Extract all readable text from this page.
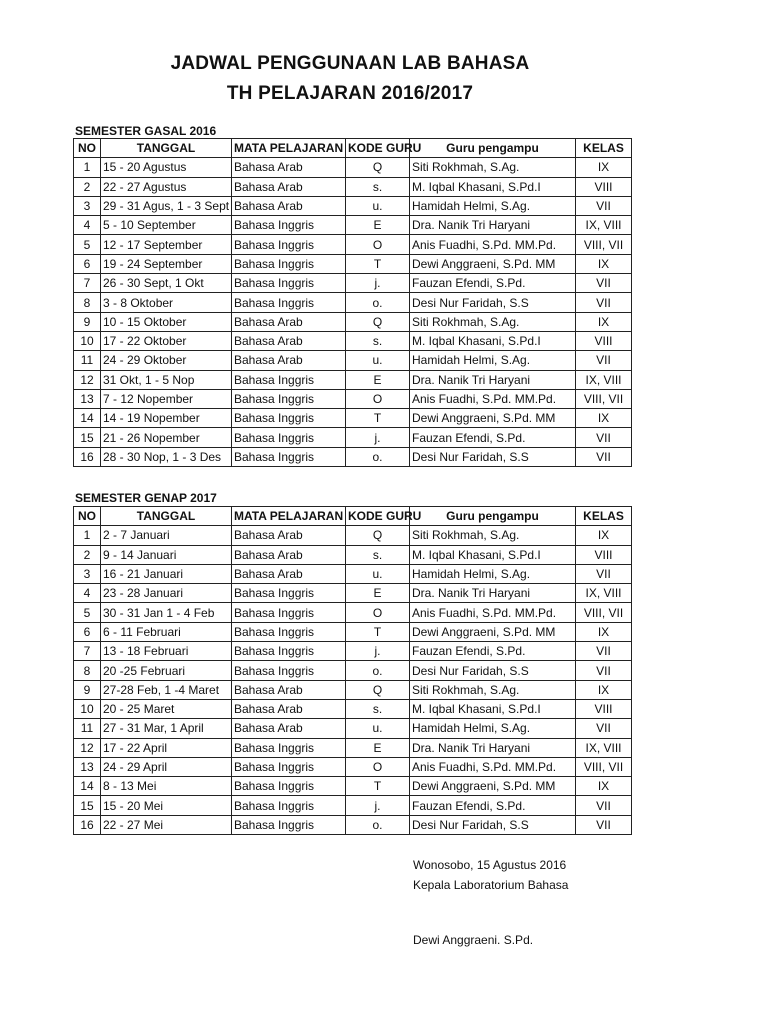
JADWAL PENGGUNAAN LAB BAHASA
TH PELAJARAN 2016/2017
SEMESTER GASAL 2016
NO	TANGGAL	MATA PELAJARAN	KODE GURU	Guru pengampu	KELAS
1	15 - 20 Agustus	Bahasa Arab	Q	Siti Rokhmah, S.Ag.	IX
2	22 - 27 Agustus	Bahasa Arab	s.	M. Iqbal Khasani, S.Pd.I	VIII
3	29 - 31 Agus, 1 - 3 Sept	Bahasa Arab	u.	Hamidah Helmi, S.Ag.	VII
4	5 - 10 September	Bahasa Inggris	E	Dra. Nanik Tri Haryani	IX, VIII
5	12 - 17 September	Bahasa Inggris	O	Anis Fuadhi, S.Pd. MM.Pd.	VIII, VII
6	19 - 24 September	Bahasa Inggris	T	Dewi Anggraeni, S.Pd. MM	IX
7	26 - 30 Sept, 1 Okt	Bahasa Inggris	j.	Fauzan Efendi, S.Pd.	VII
8	3 - 8 Oktober	Bahasa Inggris	o.	Desi Nur Faridah, S.S	VII
9	10 - 15 Oktober	Bahasa Arab	Q	Siti Rokhmah, S.Ag.	IX
10	17 - 22 Oktober	Bahasa Arab	s.	M. Iqbal Khasani, S.Pd.I	VIII
11	24 - 29 Oktober	Bahasa Arab	u.	Hamidah Helmi, S.Ag.	VII
12	31 Okt, 1 - 5 Nop	Bahasa Inggris	E	Dra. Nanik Tri Haryani	IX, VIII
13	7 - 12 Nopember	Bahasa Inggris	O	Anis Fuadhi, S.Pd. MM.Pd.	VIII, VII
14	14 - 19 Nopember	Bahasa Inggris	T	Dewi Anggraeni, S.Pd. MM	IX
15	21 - 26 Nopember	Bahasa Inggris	j.	Fauzan Efendi, S.Pd.	VII
16	28 - 30 Nop, 1 - 3 Des	Bahasa Inggris	o.	Desi Nur Faridah, S.S	VII
SEMESTER GENAP 2017
NO	TANGGAL	MATA PELAJARAN	KODE GURU	Guru pengampu	KELAS
1	2 - 7 Januari	Bahasa Arab	Q	Siti Rokhmah, S.Ag.	IX
2	9 - 14 Januari	Bahasa Arab	s.	M. Iqbal Khasani, S.Pd.I	VIII
3	16 - 21 Januari	Bahasa Arab	u.	Hamidah Helmi, S.Ag.	VII
4	23 - 28 Januari	Bahasa Inggris	E	Dra. Nanik Tri Haryani	IX, VIII
5	30 - 31 Jan 1 - 4 Feb	Bahasa Inggris	O	Anis Fuadhi, S.Pd. MM.Pd.	VIII, VII
6	6 - 11 Februari	Bahasa Inggris	T	Dewi Anggraeni, S.Pd. MM	IX
7	13 - 18 Februari	Bahasa Inggris	j.	Fauzan Efendi, S.Pd.	VII
8	20 -25 Februari	Bahasa Inggris	o.	Desi Nur Faridah, S.S	VII
9	27-28 Feb, 1 -4 Maret	Bahasa Arab	Q	Siti Rokhmah, S.Ag.	IX
10	20 - 25 Maret	Bahasa Arab	s.	M. Iqbal Khasani, S.Pd.I	VIII
11	27 - 31 Mar, 1 April	Bahasa Arab	u.	Hamidah Helmi, S.Ag.	VII
12	17 - 22 April	Bahasa Inggris	E	Dra. Nanik Tri Haryani	IX, VIII
13	24 - 29 April	Bahasa Inggris	O	Anis Fuadhi, S.Pd. MM.Pd.	VIII, VII
14	8 - 13 Mei	Bahasa Inggris	T	Dewi Anggraeni, S.Pd. MM	IX
15	15 - 20 Mei	Bahasa Inggris	j.	Fauzan Efendi, S.Pd.	VII
16	22 - 27 Mei	Bahasa Inggris	o.	Desi Nur Faridah, S.S	VII
Wonosobo, 15 Agustus 2016
Kepala Laboratorium Bahasa
Dewi Anggraeni. S.Pd.
